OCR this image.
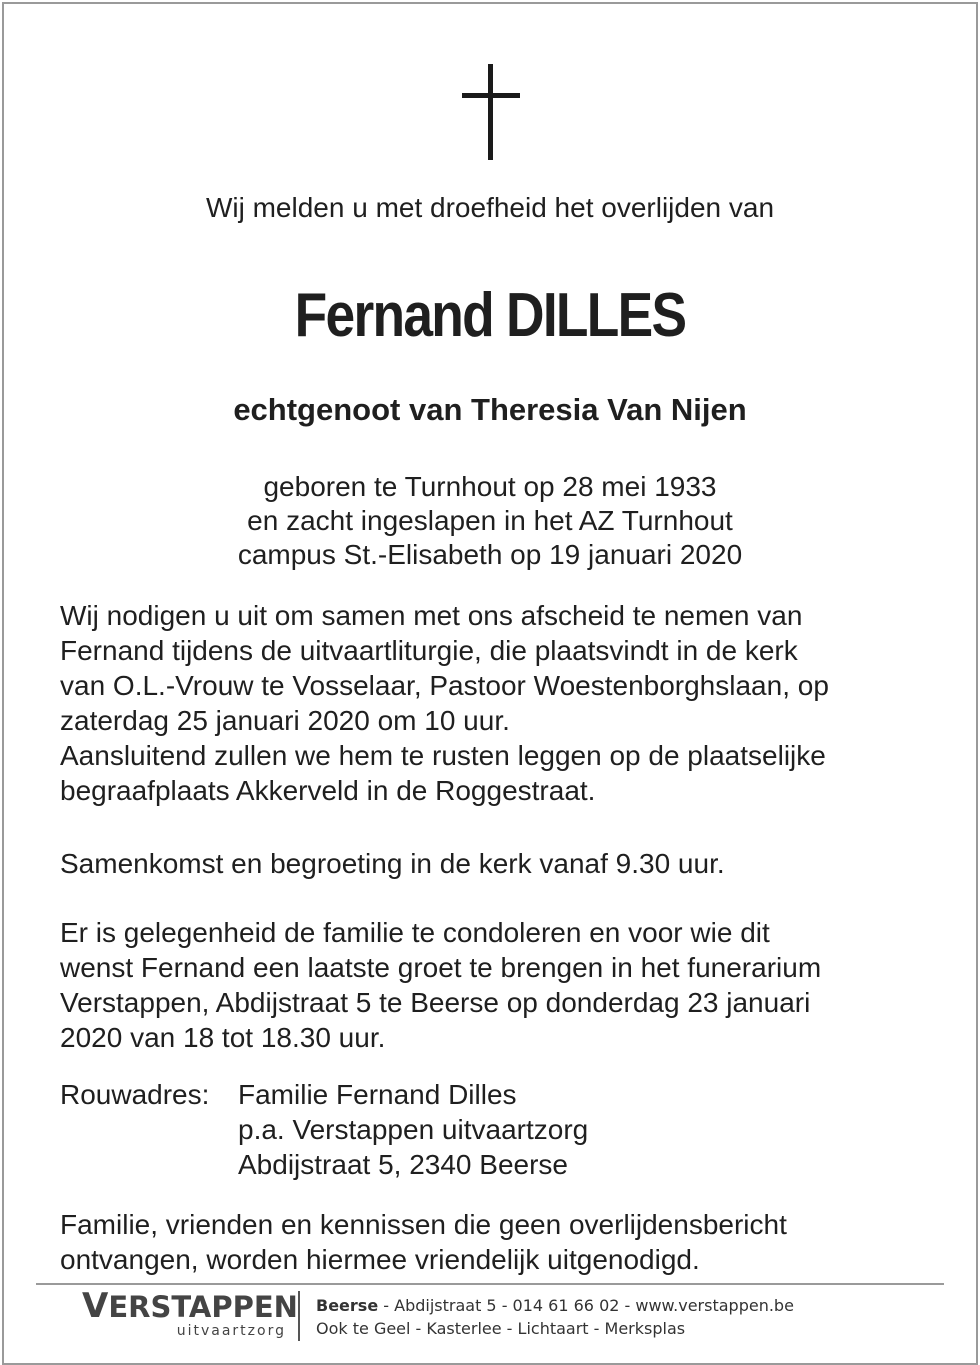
Wij melden u met droefheid het overlijden van
Fernand DILLES
echtgenoot van Theresia Van Nijen
geboren te Turnhout op 28 mei 1933
en zacht ingeslapen in het AZ Turnhout
campus St.-Elisabeth op 19 januari 2020
Wij nodigen u uit om samen met ons afscheid te nemen van
Fernand tijdens de uitvaartliturgie, die plaatsvindt in de kerk
van O.L.-Vrouw te Vosselaar, Pastoor Woestenborghslaan, op
zaterdag 25 januari 2020 om 10 uur.
Aansluitend zullen we hem te rusten leggen op de plaatselijke
begraafplaats Akkerveld in de Roggestraat.
Samenkomst en begroeting in de kerk vanaf 9.30 uur.
Er is gelegenheid de familie te condoleren en voor wie dit
wenst Fernand een laatste groet te brengen in het funerarium
Verstappen, Abdijstraat 5 te Beerse op donderdag 23 januari
2020 van 18 tot 18.30 uur.
Rouwadres:	Familie Fernand Dilles
p.a. Verstappen uitvaartzorg
Abdijstraat 5, 2340 Beerse
Familie, vrienden en kennissen die geen overlijdensbericht
ontvangen, worden hiermee vriendelijk uitgenodigd.
VERSTAPPEN
uitvaartzorg
Beerse - Abdijstraat 5 - 014 61 66 02 - www.verstappen.be
Ook te Geel - Kasterlee - Lichtaart - Merksplas
